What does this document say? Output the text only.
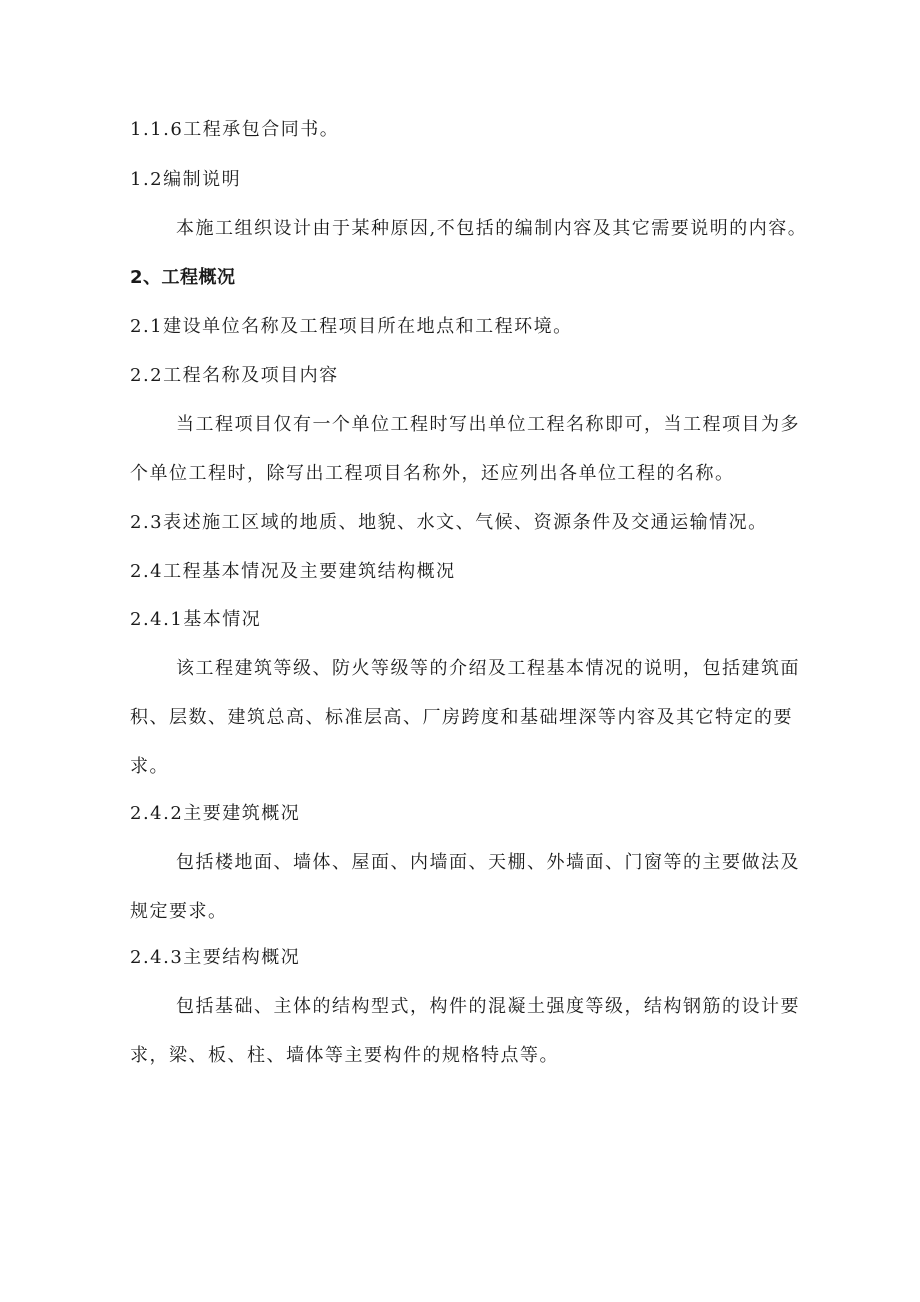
1.1.6工程承包合同书。
1.2编制说明
本施工组织设计由于某种原因,不包括的编制内容及其它需要说明的内容。
2、工程概况
2.1建设单位名称及工程项目所在地点和工程环境。
2.2工程名称及项目内容
当工程项目仅有一个单位工程时写出单位工程名称即可，当工程项目为多
个单位工程时，除写出工程项目名称外，还应列出各单位工程的名称。
2.3表述施工区域的地质、地貌、水文、气候、资源条件及交通运输情况。
2.4工程基本情况及主要建筑结构概况
2.4.1基本情况
该工程建筑等级、防火等级等的介绍及工程基本情况的说明，包括建筑面
积、层数、建筑总高、标准层高、厂房跨度和基础埋深等内容及其它特定的要
求。
2.4.2主要建筑概况
包括楼地面、墙体、屋面、内墙面、天棚、外墙面、门窗等的主要做法及
规定要求。
2.4.3主要结构概况
包括基础、主体的结构型式，构件的混凝土强度等级，结构钢筋的设计要
求，梁、板、柱、墙体等主要构件的规格特点等。
